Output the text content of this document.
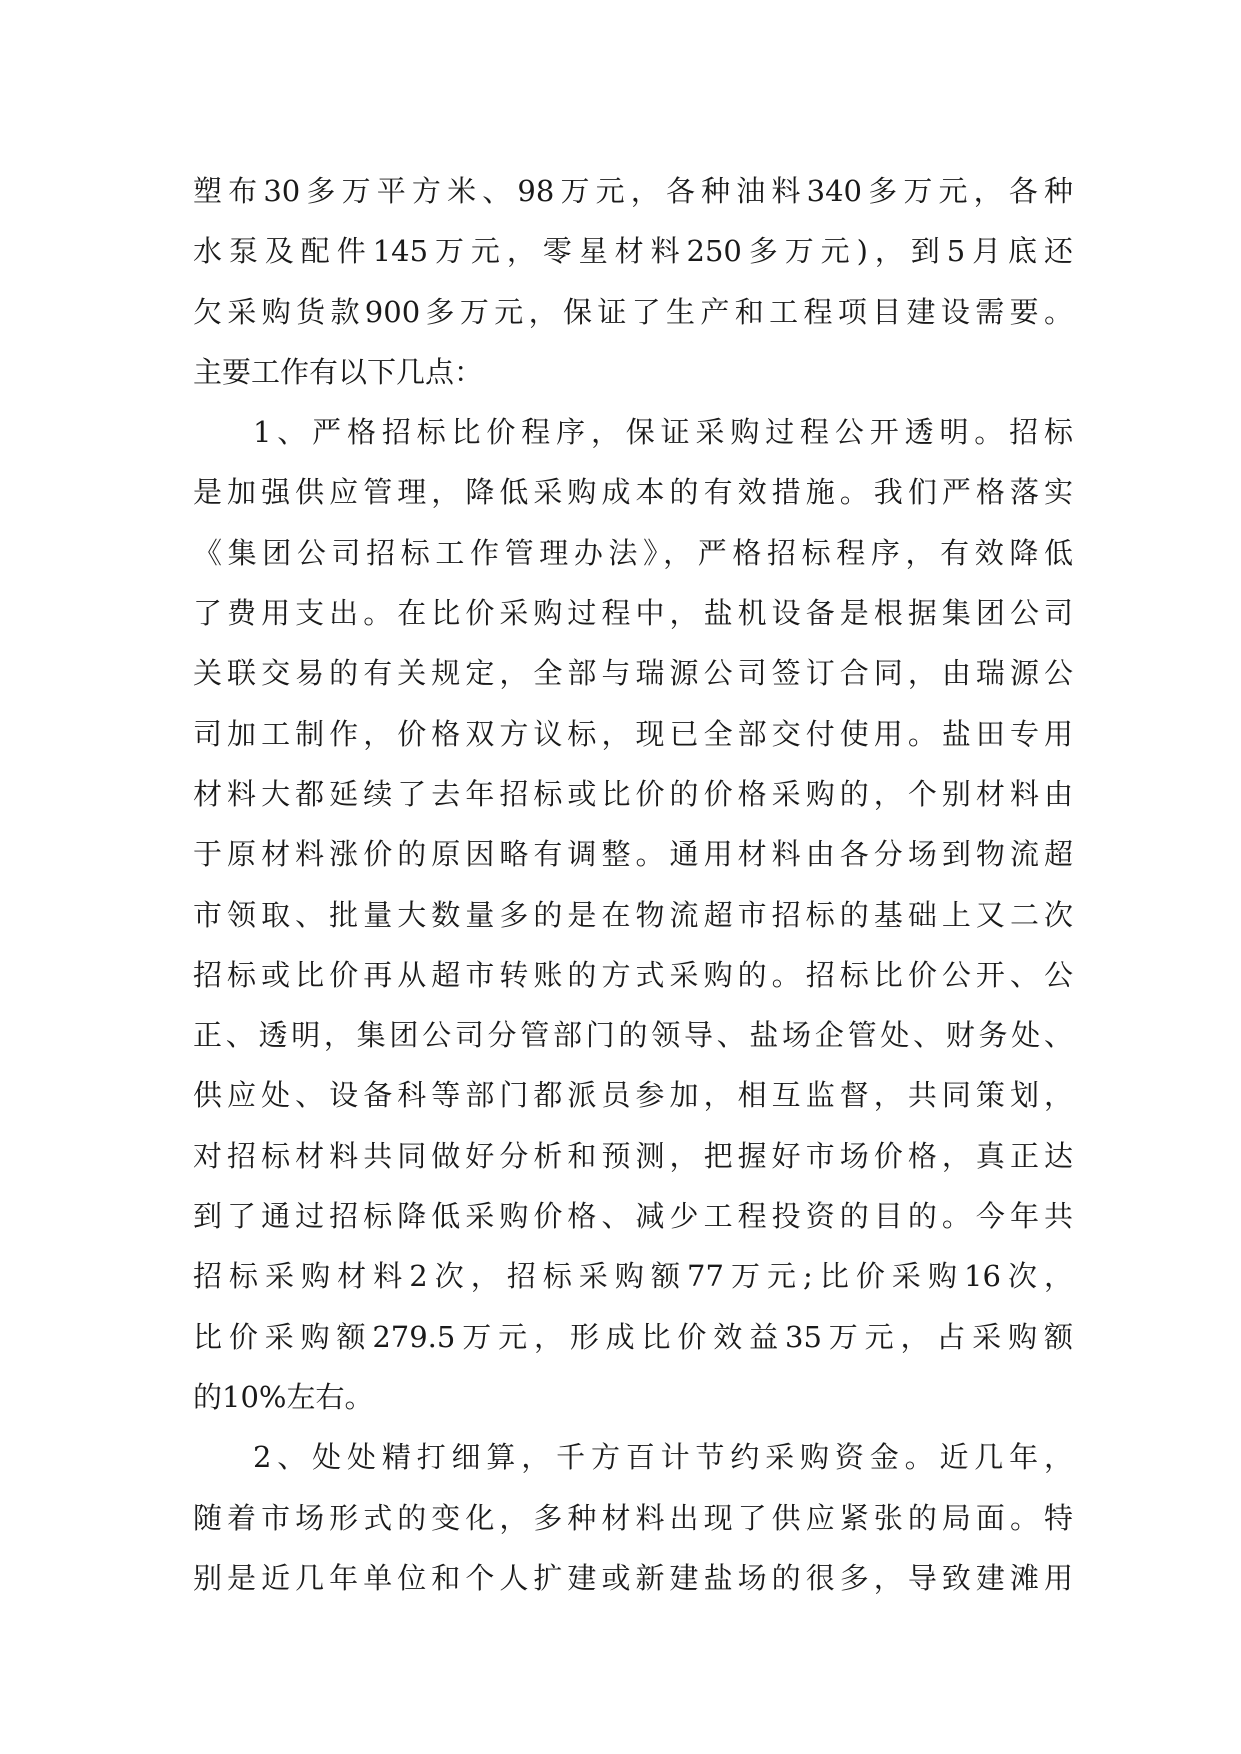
塑布30多万平方米、98万元，各种油料340多万元，各种
水泵及配件145万元，零星材料250多万元)，到5月底还
欠采购货款900多万元，保证了生产和工程项目建设需要。
主要工作有以下几点：
1、严格招标比价程序，保证采购过程公开透明。招标
是加强供应管理，降低采购成本的有效措施。我们严格落实
《集团公司招标工作管理办法》，严格招标程序，有效降低
了费用支出。在比价采购过程中，盐机设备是根据集团公司
关联交易的有关规定，全部与瑞源公司签订合同，由瑞源公
司加工制作，价格双方议标，现已全部交付使用。盐田专用
材料大都延续了去年招标或比价的价格采购的，个别材料由
于原材料涨价的原因略有调整。通用材料由各分场到物流超
市领取、批量大数量多的是在物流超市招标的基础上又二次
招标或比价再从超市转账的方式采购的。招标比价公开、公
正、透明，集团公司分管部门的领导、盐场企管处、财务处、
供应处、设备科等部门都派员参加，相互监督，共同策划，
对招标材料共同做好分析和预测，把握好市场价格，真正达
到了通过招标降低采购价格、减少工程投资的目的。今年共
招标采购材料2次，招标采购额77万元;比价采购16次，
比价采购额279.5万元，形成比价效益35万元，占采购额
的10%左右。
2、处处精打细算，千方百计节约采购资金。近几年，
随着市场形式的变化，多种材料出现了供应紧张的局面。特
别是近几年单位和个人扩建或新建盐场的很多，导致建滩用
